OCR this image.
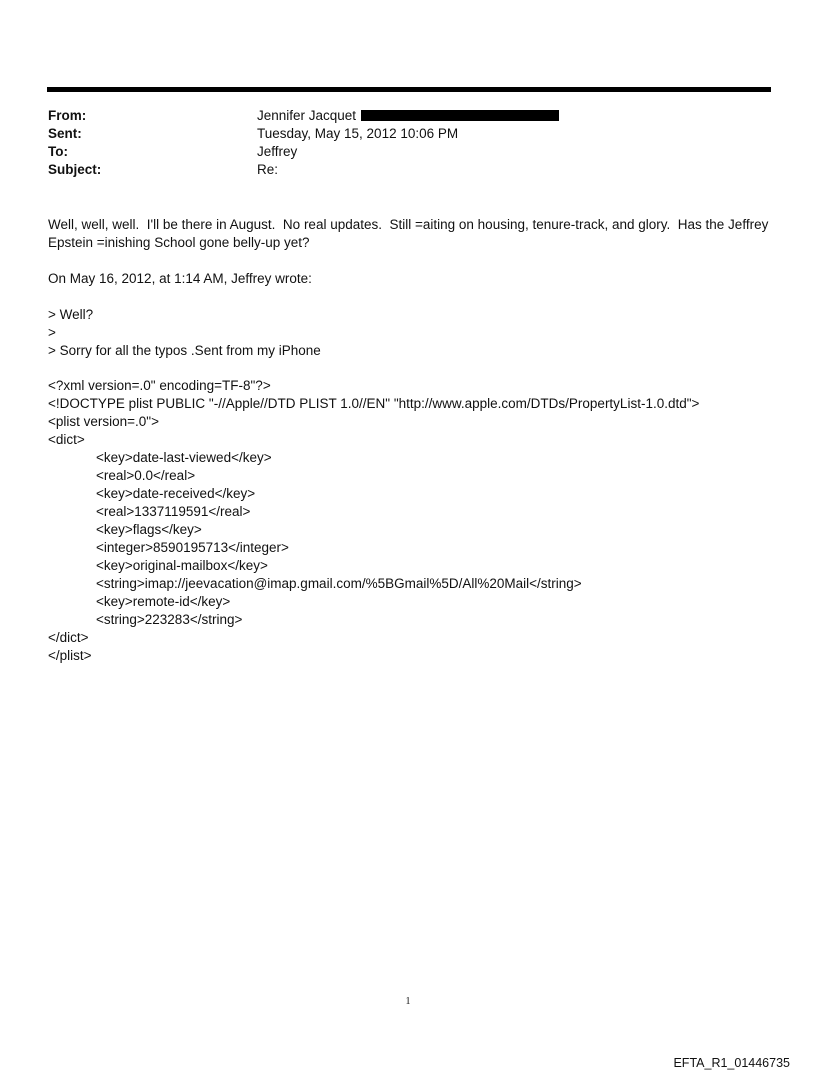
From:	Jennifer Jacquet
Sent:	Tuesday, May 15, 2012 10:06 PM
To:	Jeffrey
Subject:	Re:
Well, well, well.  I'll be there in August.  No real updates.  Still =aiting on housing, tenure-track, and glory.  Has the Jeffrey
Epstein =inishing School gone belly-up yet?
On May 16, 2012, at 1:14 AM, Jeffrey wrote:
> Well?
>
> Sorry for all the typos .Sent from my iPhone
<?xml version=.0" encoding=TF-8"?>
<!DOCTYPE plist PUBLIC "-//Apple//DTD PLIST 1.0//EN" "http://www.apple.com/DTDs/PropertyList-1.0.dtd">
<plist version=.0">
<dict>
<key>date-last-viewed</key>
<real>0.0</real>
<key>date-received</key>
<real>1337119591</real>
<key>flags</key>
<integer>8590195713</integer>
<key>original-mailbox</key>
<string>imap://jeevacation@imap.gmail.com/%5BGmail%5D/All%20Mail</string>
<key>remote-id</key>
<string>223283</string>
</dict>
</plist>
1
EFTA_R1_01446735
